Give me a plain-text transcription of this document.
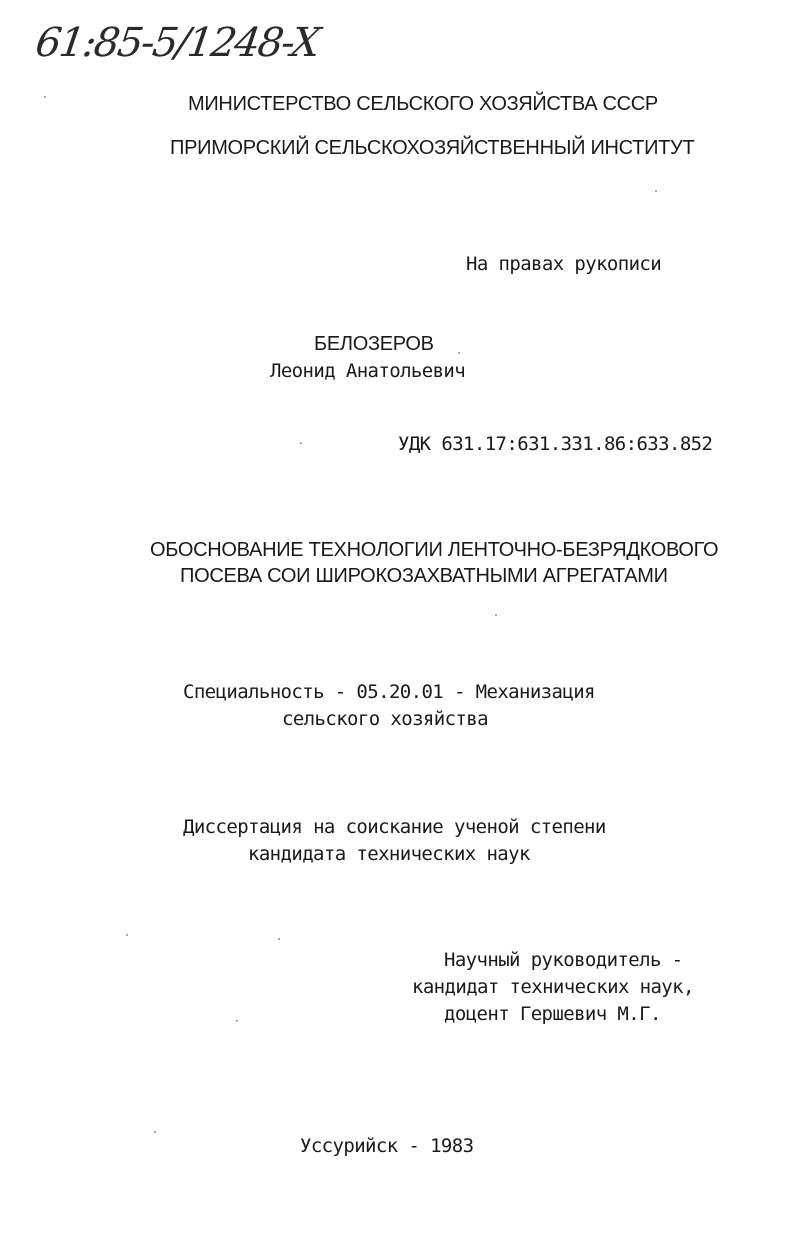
61:85-5/1248-X
МИНИСТЕРСТВО СЕЛЬСКОГО ХОЗЯЙСТВА СССР
ПРИМОРСКИЙ СЕЛЬСКОХОЗЯЙСТВЕННЫЙ ИНСТИТУТ
На правах рукописи
БЕЛОЗЕРОВ
Леонид Анатольевич
УДК 631.17:631.331.86:633.852
ОБОСНОВАНИЕ ТЕХНОЛОГИИ ЛЕНТОЧНО-БЕЗРЯДКОВОГО
ПОСЕВА СОИ ШИРОКОЗАХВАТНЫМИ АГРЕГАТАМИ
Специальность - 05.20.01 - Механизация
сельского хозяйства
Диссертация на соискание ученой степени
кандидата технических наук
Научный руководитель -
кандидат технических наук,
доцент Гершевич М.Г.
Уссурийск - 1983
